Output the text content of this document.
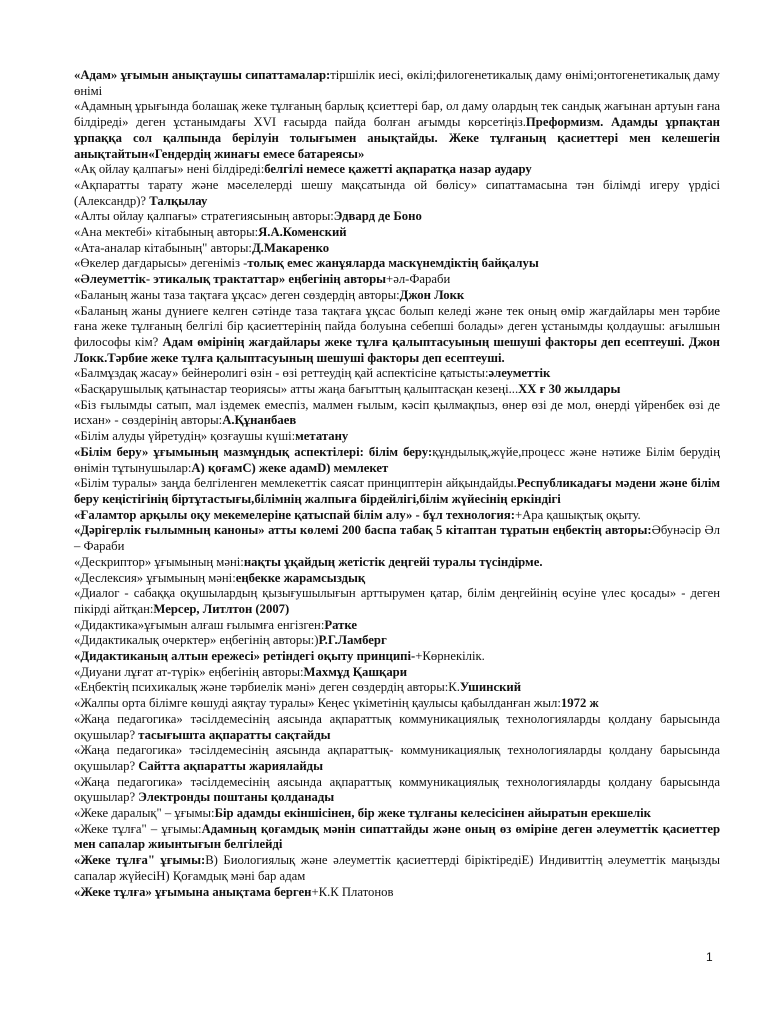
«Адам» ұғымын анықтаушы сипаттамалар:тіршілік иесі, өкілі;филогенетикалық даму өнімі;онтогенетикалық даму өнімі

«Адамның ұрығында болашақ жеке тұлғаның барлық қсиеттері бар, ол даму олардың тек сандық жағынан артуын ғана білдіреді» деген ұстанымдағы XVI ғасырда пайда болған ағымды көрсетіңіз.Преформизм. Адамды ұрпақтан ұрпаққа сол қалпында берілуін толығымен анықтайды. Жеке тұлғаның қасиеттері мен келешегін анықтайтын«Гендердің жинағы емесе батареясы»

«Ақ ойлау қалпағы» нені білдіреді:белгілі немесе қажетті ақпаратқа назар аудару

«Ақпаратты тарату және мәселелерді шешу мақсатында ой бөлісу» сипаттамасына тән білімді игеру үрдісі (Александр)? Талқылау

«Алты ойлау қалпағы» стратегиясының авторы:Эдвард де Боно

«Ана мектебі» кітабының авторы:Я.А.Коменский

«Ата-аналар кітабының" авторы:Д.Макаренко

«Өкелер дағдарысы» дегеніміз -толық емес жанұяларда маскүнемдіктің байқалуы

«Әлеуметтік- этикалық трактаттар» еңбегінің авторы+әл-Фараби

«Баланың жаны таза тақтаға ұқсас» деген сөздердің авторы:Джон Локк

«Баланың жаны дүниеге келген сәтінде таза тақтаға ұқсас болып келеді және тек оның өмір жағдайлары мен тәрбие ғана жеке тұлғаның белгілі бір қасиеттерінің пайда болуына себепші болады» деген ұстанымды қолдаушы: ағылшын философы кім? Адам өмірінің жағдайлары жеке тұлға қалыптасуының шешуші факторы деп есептеуші. Джон Локк.Тәрбие жеке тұлға қалыптасуының шешуші факторы деп есептеуші.

«Балмұздақ жасау» бейнеролигі өзін - өзі реттеудің қай аспектісіне қатысты:әлеуметтік

«Басқарушылық қатынастар теориясы» атты жаңа бағыттың қалыптасқан кезеңі...ХХ ғ 30 жылдары

«Біз ғылымды сатып, мал іздемек емеспіз, малмен ғылым, кәсіп қылмақпыз, өнер өзі де мол, өнерді үйренбек өзі де исхан» - сөздерінің авторы:А.Құнанбаев

«Білім алуды үйретудің» қозғаушы күші:метатану

«Білім беру» ұғымының мазмұндық аспектілері: білім беру:құндылық,жүйе,процесс және нәтиже Білім берудің өнімін тұтынушылар:А) қоғамС) жеке адамD) мемлекет

«Білім туралы» заңда белгіленген мемлекеттік саясат принциптерін айқындайды.Республикадағы мәдени және білім беру кеңістігінің біртұтастығы,білімнің жалпыға бірдейлігі,білім жүйесінің еркіндігі

«Ғаламтор арқылы оқу мекемелеріне қатыспай білім алу» - бұл технология:+Ара қашықтық оқыту.

«Дәрігерлік ғылымның каноны» атты көлемі 200 баспа табақ 5 кітаптан тұратын еңбектің авторы:Әбунәсір Әл – Фараби

«Дескриптор» ұғымының мәні:нақты ұқайдың жетістік деңгейі туралы түсіндірме.

«Деслексия» ұғымының мәні:еңбекке жарамсыздық

«Диалог - сабаққа оқушылардың қызығушылығын арттырумен қатар, білім деңгейінің өсуіне үлес қосады» - деген пікірді айтқан:Мерсер, Литлтон (2007)

«Дидактика»ұғымын алғаш ғылымға енгізген:Ратке

«Дидактикалық очерктер» еңбегінің авторы:)Р.Г.Ламберг

«Дидактиканың алтын ережесі» ретіндегі оқыту принципі-+Көрнекілік.

«Диуани лұғат ат-түрік» еңбегінің авторы:Махмұд Қашқари

«Еңбектің психикалық және тәрбиелік мәні» деген сөздердің авторы:К.Ушинский

«Жалпы орта білімге көшуді аяқтау туралы» Кеңес үкіметінің қаулысы қабылданған жыл:1972 ж

«Жаңа педагогика» тәсілдемесінің аясында ақпараттық коммуникациялық технологияларды қолдану барысында оқушылар? тасығышта ақпаратты сақтайды

«Жаңа педагогика» тәсілдемесінің аясында ақпараттық- коммуникациялық технологияларды қолдану барысында оқушылар? Сайтта ақпаратты жариялайды

«Жаңа педагогика» тәсілдемесінің аясында ақпараттық коммуникациялық технологияларды қолдану барысында оқушылар? Электронды поштаны қолданады

«Жеке даралық" – ұғымы:Бір адамды екіншісінен, бір жеке тұлғаны келесісінен айыратын ерекшелік

«Жеке тұлға" – ұғымы:Адамның қоғамдық мәнін сипаттайды және оның өз өміріне деген әлеуметтік қасиеттер мен сапалар жиынтығын белгілейді

«Жеке тұлға" ұғымы:В) Биологиялық және әлеуметтік қасиеттерді біріктіредіЕ) Индивиттің әлеуметтік маңызды сапалар жүйесіН) Қоғамдық мәні бар адам

«Жеке тұлға» ұғымына анықтама берген+К.К Платонов

1
